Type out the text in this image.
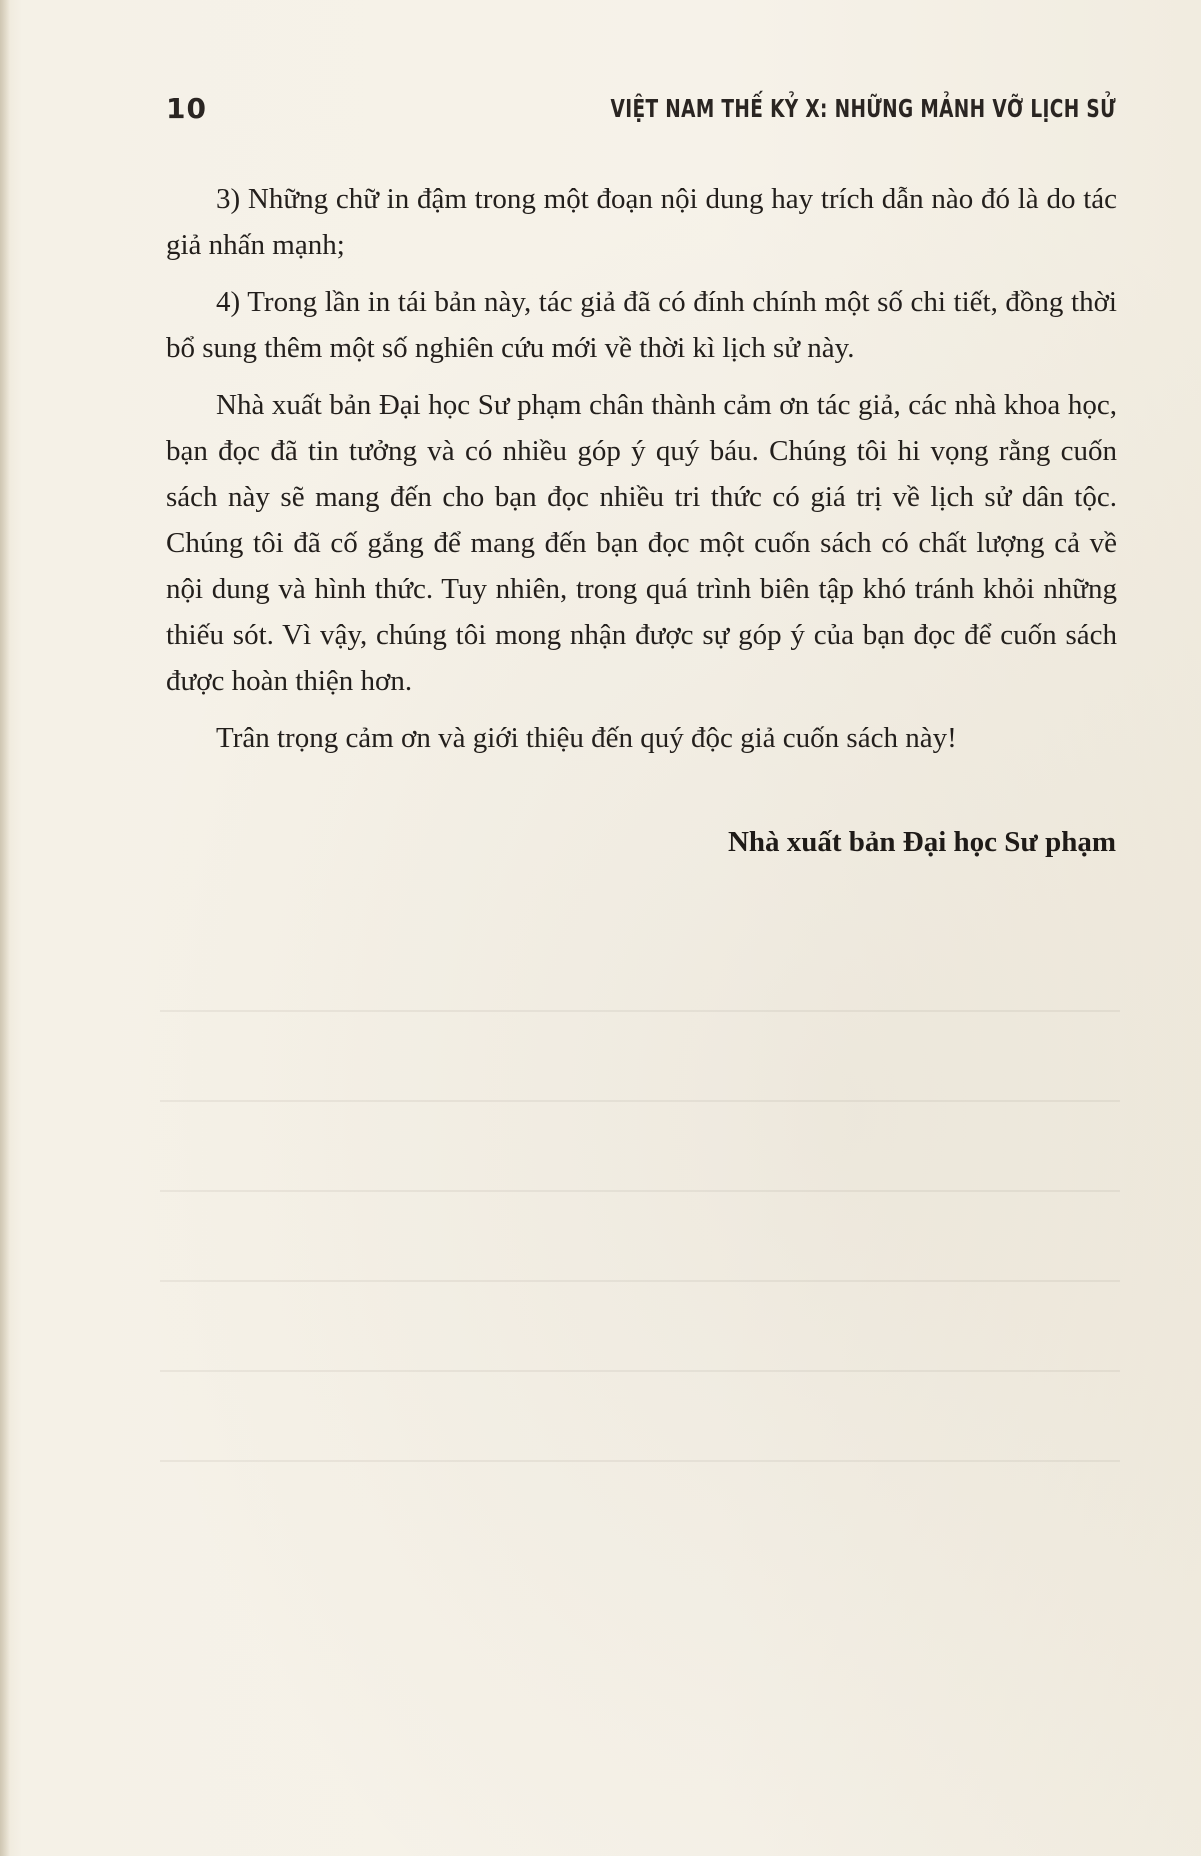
10	VIỆT NAM THẾ KỶ X: NHỮNG MẢNH VỠ LỊCH SỬ

3) Những chữ in đậm trong một đoạn nội dung hay trích dẫn nào đó là do tác giả nhấn mạnh;

4) Trong lần in tái bản này, tác giả đã có đính chính một số chi tiết, đồng thời bổ sung thêm một số nghiên cứu mới về thời kì lịch sử này.

Nhà xuất bản Đại học Sư phạm chân thành cảm ơn tác giả, các nhà khoa học, bạn đọc đã tin tưởng và có nhiều góp ý quý báu. Chúng tôi hi vọng rằng cuốn sách này sẽ mang đến cho bạn đọc nhiều tri thức có giá trị về lịch sử dân tộc. Chúng tôi đã cố gắng để mang đến bạn đọc một cuốn sách có chất lượng cả về nội dung và hình thức. Tuy nhiên, trong quá trình biên tập khó tránh khỏi những thiếu sót. Vì vậy, chúng tôi mong nhận được sự góp ý của bạn đọc để cuốn sách được hoàn thiện hơn.

Trân trọng cảm ơn và giới thiệu đến quý độc giả cuốn sách này!

Nhà xuất bản Đại học Sư phạm
